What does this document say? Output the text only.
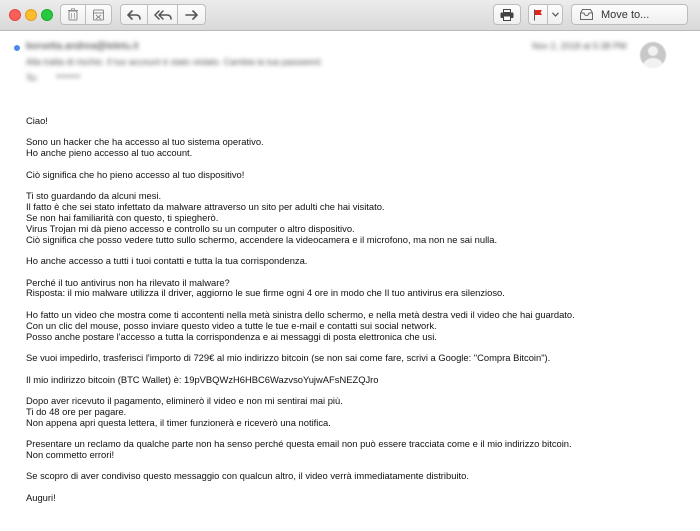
Move to...
borsetta.andrea@teletu.it
Alla tratta di rischio. Il tuo account è stato violato. Cambia la tua password.
To: *******
Nov 2, 2018 at 5:38 PM

Ciao!

Sono un hacker che ha accesso al tuo sistema operativo.
Ho anche pieno accesso al tuo account.

Ciò significa che ho pieno accesso al tuo dispositivo!

Ti sto guardando da alcuni mesi.
Il fatto è che sei stato infettato da malware attraverso un sito per adulti che hai visitato.
Se non hai familiarità con questo, ti spiegherò.
Virus Trojan mi dà pieno accesso e controllo su un computer o altro dispositivo.
Ciò significa che posso vedere tutto sullo schermo, accendere la videocamera e il microfono, ma non ne sai nulla.

Ho anche accesso a tutti i tuoi contatti e tutta la tua corrispondenza.

Perché il tuo antivirus non ha rilevato il malware?
Risposta: il mio malware utilizza il driver, aggiorno le sue firme ogni 4 ore in modo che Il tuo antivirus era silenzioso.

Ho fatto un video che mostra come ti accontenti nella metà sinistra dello schermo, e nella metà destra vedi il video che hai guardato.
Con un clic del mouse, posso inviare questo video a tutte le tue e-mail e contatti sui social network.
Posso anche postare l'accesso a tutta la corrispondenza e ai messaggi di posta elettronica che usi.

Se vuoi impedirlo, trasferisci l'importo di 729€ al mio indirizzo bitcoin (se non sai come fare, scrivi a Google: "Compra Bitcoin").

Il mio indirizzo bitcoin (BTC Wallet) è: 19pVBQWzH6HBC6WazvsoYujwAFsNEZQJro

Dopo aver ricevuto il pagamento, eliminerò il video e non mi sentirai mai più.
Ti do 48 ore per pagare.
Non appena apri questa lettera, il timer funzionerà e riceverò una notifica.

Presentare un reclamo da qualche parte non ha senso perché questa email non può essere tracciata come e il mio indirizzo bitcoin.
Non commetto errori!

Se scopro di aver condiviso questo messaggio con qualcun altro, il video verrà immediatamente distribuito.

Auguri!
